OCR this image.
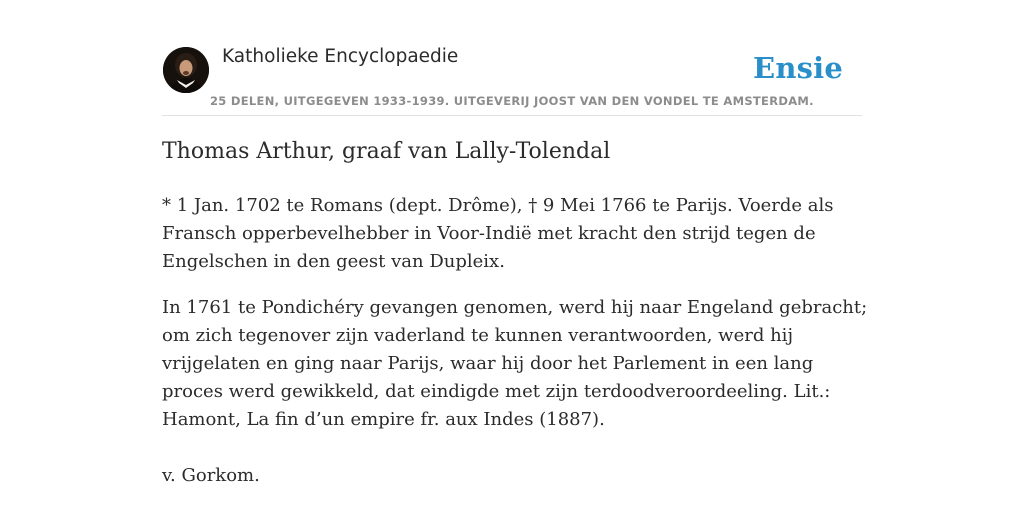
Katholieke Encyclopaedie	Ensie
25 DELEN, UITGEGEVEN 1933-1939. UITGEVERIJ JOOST VAN DEN VONDEL TE AMSTERDAM.
Thomas Arthur, graaf van Lally-Tolendal

* 1 Jan. 1702 te Romans (dept. Drôme), † 9 Mei 1766 te Parijs. Voerde als Fransch opperbevelhebber in Voor-Indië met kracht den strijd tegen de Engelschen in den geest van Dupleix.

In 1761 te Pondichéry gevangen genomen, werd hij naar Engeland gebracht; om zich tegenover zijn vaderland te kunnen verantwoorden, werd hij vrijgelaten en ging naar Parijs, waar hij door het Parlement in een lang proces werd gewikkeld, dat eindigde met zijn terdoodveroordeeling. Lit.: Hamont, La fin d’un empire fr. aux Indes (1887).

v. Gorkom.
